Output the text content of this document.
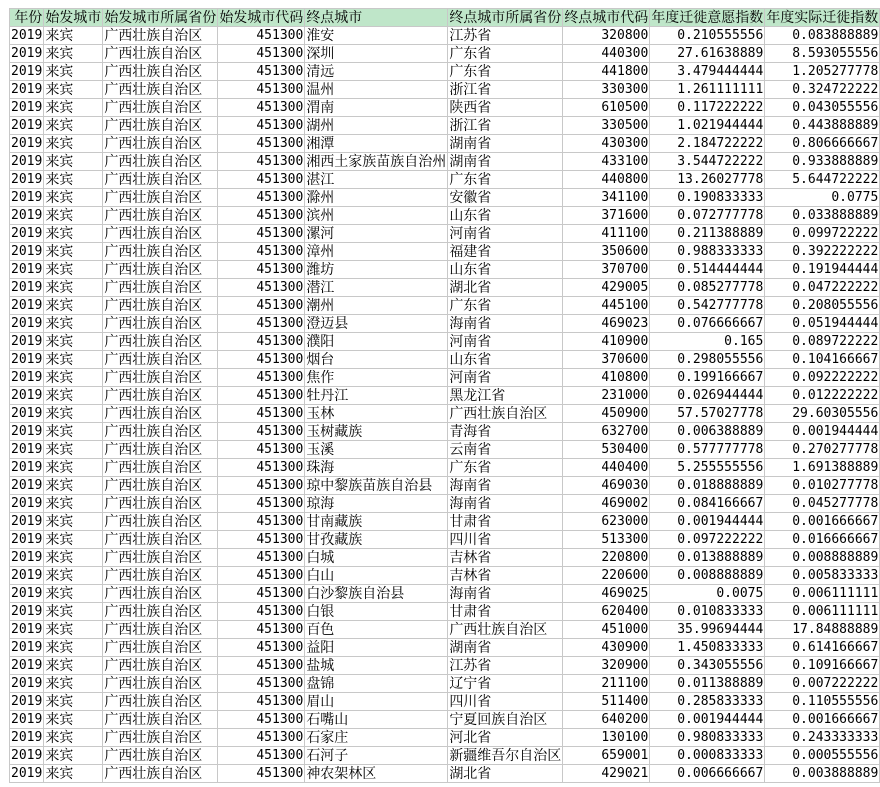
年份	始发城市	始发城市所属省份	始发城市代码	终点城市	终点城市所属省份	终点城市代码	年度迁徙意愿指数	年度实际迁徙指数
2019	来宾	广西壮族自治区	451300	淮安	江苏省	320800	0.210555556	0.083888889
2019	来宾	广西壮族自治区	451300	深圳	广东省	440300	27.61638889	8.593055556
2019	来宾	广西壮族自治区	451300	清远	广东省	441800	3.479444444	1.205277778
2019	来宾	广西壮族自治区	451300	温州	浙江省	330300	1.261111111	0.324722222
2019	来宾	广西壮族自治区	451300	渭南	陕西省	610500	0.117222222	0.043055556
2019	来宾	广西壮族自治区	451300	湖州	浙江省	330500	1.021944444	0.443888889
2019	来宾	广西壮族自治区	451300	湘潭	湖南省	430300	2.184722222	0.806666667
2019	来宾	广西壮族自治区	451300	湘西土家族苗族自治州	湖南省	433100	3.544722222	0.933888889
2019	来宾	广西壮族自治区	451300	湛江	广东省	440800	13.26027778	5.644722222
2019	来宾	广西壮族自治区	451300	滁州	安徽省	341100	0.190833333	0.0775
2019	来宾	广西壮族自治区	451300	滨州	山东省	371600	0.072777778	0.033888889
2019	来宾	广西壮族自治区	451300	漯河	河南省	411100	0.211388889	0.099722222
2019	来宾	广西壮族自治区	451300	漳州	福建省	350600	0.988333333	0.392222222
2019	来宾	广西壮族自治区	451300	潍坊	山东省	370700	0.514444444	0.191944444
2019	来宾	广西壮族自治区	451300	潜江	湖北省	429005	0.085277778	0.047222222
2019	来宾	广西壮族自治区	451300	潮州	广东省	445100	0.542777778	0.208055556
2019	来宾	广西壮族自治区	451300	澄迈县	海南省	469023	0.076666667	0.051944444
2019	来宾	广西壮族自治区	451300	濮阳	河南省	410900	0.165	0.089722222
2019	来宾	广西壮族自治区	451300	烟台	山东省	370600	0.298055556	0.104166667
2019	来宾	广西壮族自治区	451300	焦作	河南省	410800	0.199166667	0.092222222
2019	来宾	广西壮族自治区	451300	牡丹江	黑龙江省	231000	0.026944444	0.012222222
2019	来宾	广西壮族自治区	451300	玉林	广西壮族自治区	450900	57.57027778	29.60305556
2019	来宾	广西壮族自治区	451300	玉树藏族	青海省	632700	0.006388889	0.001944444
2019	来宾	广西壮族自治区	451300	玉溪	云南省	530400	0.577777778	0.270277778
2019	来宾	广西壮族自治区	451300	珠海	广东省	440400	5.255555556	1.691388889
2019	来宾	广西壮族自治区	451300	琼中黎族苗族自治县	海南省	469030	0.018888889	0.010277778
2019	来宾	广西壮族自治区	451300	琼海	海南省	469002	0.084166667	0.045277778
2019	来宾	广西壮族自治区	451300	甘南藏族	甘肃省	623000	0.001944444	0.001666667
2019	来宾	广西壮族自治区	451300	甘孜藏族	四川省	513300	0.097222222	0.016666667
2019	来宾	广西壮族自治区	451300	白城	吉林省	220800	0.013888889	0.008888889
2019	来宾	广西壮族自治区	451300	白山	吉林省	220600	0.008888889	0.005833333
2019	来宾	广西壮族自治区	451300	白沙黎族自治县	海南省	469025	0.0075	0.006111111
2019	来宾	广西壮族自治区	451300	白银	甘肃省	620400	0.010833333	0.006111111
2019	来宾	广西壮族自治区	451300	百色	广西壮族自治区	451000	35.99694444	17.84888889
2019	来宾	广西壮族自治区	451300	益阳	湖南省	430900	1.450833333	0.614166667
2019	来宾	广西壮族自治区	451300	盐城	江苏省	320900	0.343055556	0.109166667
2019	来宾	广西壮族自治区	451300	盘锦	辽宁省	211100	0.011388889	0.007222222
2019	来宾	广西壮族自治区	451300	眉山	四川省	511400	0.285833333	0.110555556
2019	来宾	广西壮族自治区	451300	石嘴山	宁夏回族自治区	640200	0.001944444	0.001666667
2019	来宾	广西壮族自治区	451300	石家庄	河北省	130100	0.980833333	0.243333333
2019	来宾	广西壮族自治区	451300	石河子	新疆维吾尔自治区	659001	0.000833333	0.000555556
2019	来宾	广西壮族自治区	451300	神农架林区	湖北省	429021	0.006666667	0.003888889
